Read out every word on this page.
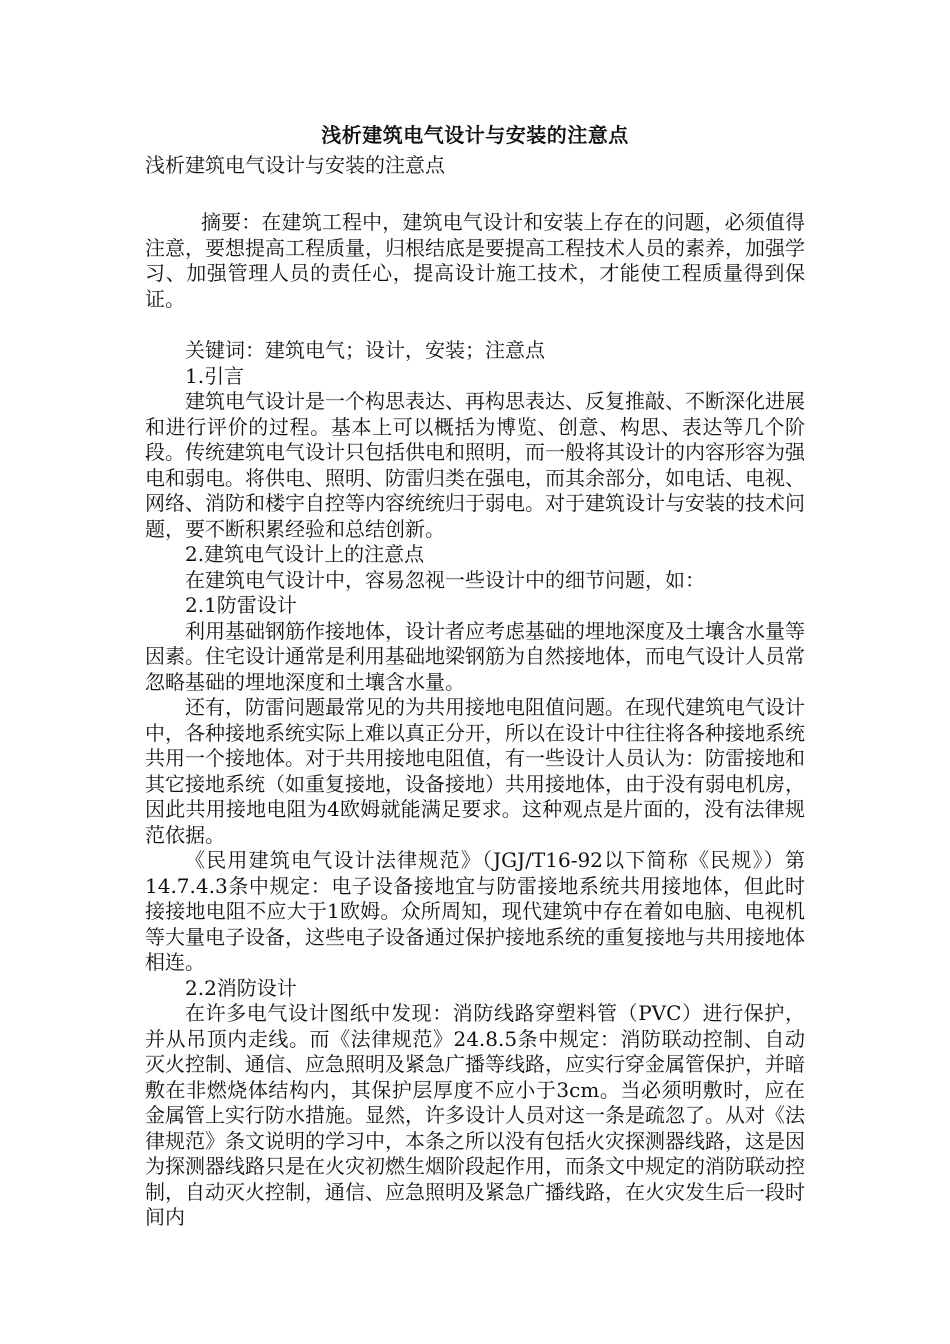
浅析建筑电气设计与安装的注意点
浅析建筑电气设计与安装的注意点

摘要：在建筑工程中，建筑电气设计和安装上存在的问题，必须值得注意，要想提高工程质量，归根结底是要提高工程技术人员的素养，加强学习、加强管理人员的责任心，提高设计施工技术，才能使工程质量得到保证。

关键词：建筑电气；设计，安装；注意点

1.引言

建筑电气设计是一个构思表达、再构思表达、反复推敲、不断深化进展和进行评价的过程。基本上可以概括为博览、创意、构思、表达等几个阶段。传统建筑电气设计只包括供电和照明，而一般将其设计的内容形容为强电和弱电。将供电、照明、防雷归类在强电，而其余部分，如电话、电视、网络、消防和楼宇自控等内容统统归于弱电。对于建筑设计与安装的技术问题，要不断积累经验和总结创新。

2.建筑电气设计上的注意点

在建筑电气设计中，容易忽视一些设计中的细节问题，如：

2.1防雷设计

利用基础钢筋作接地体，设计者应考虑基础的埋地深度及土壤含水量等因素。住宅设计通常是利用基础地梁钢筋为自然接地体，而电气设计人员常忽略基础的埋地深度和土壤含水量。

还有，防雷问题最常见的为共用接地电阻值问题。在现代建筑电气设计中，各种接地系统实际上难以真正分开，所以在设计中往往将各种接地系统共用一个接地体。对于共用接地电阻值，有一些设计人员认为：防雷接地和其它接地系统（如重复接地，设备接地）共用接地体，由于没有弱电机房，因此共用接地电阻为4欧姆就能满足要求。这种观点是片面的，没有法律规范依据。

《民用建筑电气设计法律规范》（JGJ/T16-92以下简称《民规》）第14.7.4.3条中规定：电子设备接地宜与防雷接地系统共用接地体，但此时接接地电阻不应大于1欧姆。众所周知，现代建筑中存在着如电脑、电视机等大量电子设备，这些电子设备通过保护接地系统的重复接地与共用接地体相连。

2.2消防设计

在许多电气设计图纸中发现：消防线路穿塑料管（PVC）进行保护，并从吊顶内走线。而《法律规范》24.8.5条中规定：消防联动控制、自动灭火控制、通信、应急照明及紧急广播等线路，应实行穿金属管保护，并暗敷在非燃烧体结构内，其保护层厚度不应小于3cm。当必须明敷时，应在金属管上实行防水措施。显然，许多设计人员对这一条是疏忽了。从对《法律规范》条文说明的学习中，本条之所以没有包括火灾探测器线路，这是因为探测器线路只是在火灾初燃生烟阶段起作用，而条文中规定的消防联动控制，自动灭火控制，通信、应急照明及紧急广播线路，在火灾发生后一段时间内
